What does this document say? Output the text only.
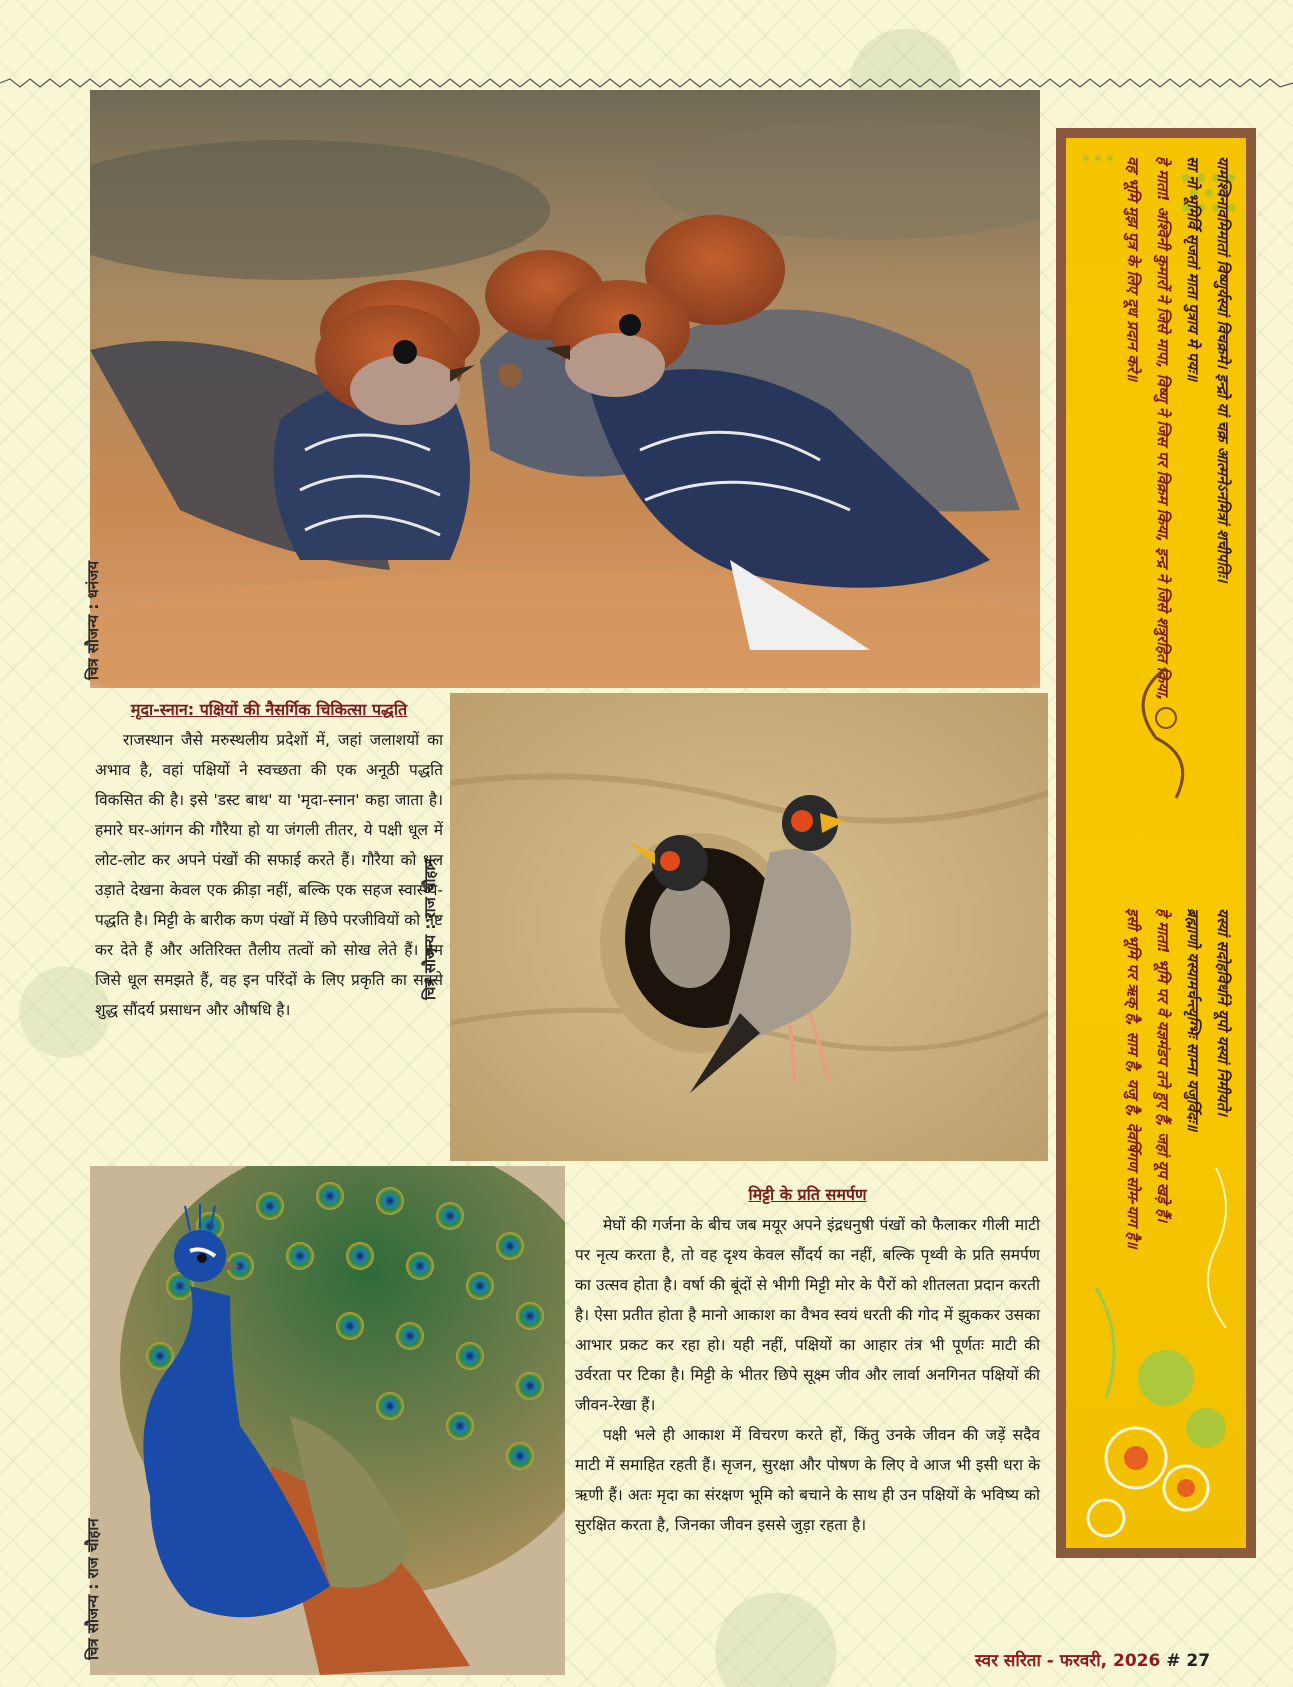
चित्र सौजन्य : धनंजय
चित्र सौजन्य : राज चौहान
चित्र सौजन्य : राज चौहान
मृदा-स्नान: पक्षियों की नैसर्गिक चिकित्सा पद्धति

राजस्थान जैसे मरुस्थलीय प्रदेशों में, जहां जलाशयों का अभाव है, वहां पक्षियों ने स्वच्छता की एक अनूठी पद्धति विकसित की है। इसे 'डस्ट बाथ' या 'मृदा-स्नान' कहा जाता है। हमारे घर-आंगन की गौरैया हो या जंगली तीतर, ये पक्षी धूल में लोट-लोट कर अपने पंखों की सफाई करते हैं। गौरैया को धूल उड़ाते देखना केवल एक क्रीड़ा नहीं, बल्कि एक सहज स्वास्थ्य-पद्धति है। मिट्टी के बारीक कण पंखों में छिपे परजीवियों को नष्ट कर देते हैं और अतिरिक्त तैलीय तत्वों को सोख लेते हैं। हम जिसे धूल समझते हैं, वह इन परिंदों के लिए प्रकृति का सबसे शुद्ध सौंदर्य प्रसाधन और औषधि है।

मिट्टी के प्रति समर्पण

मेघों की गर्जना के बीच जब मयूर अपने इंद्रधनुषी पंखों को फैलाकर गीली माटी पर नृत्य करता है, तो वह दृश्य केवल सौंदर्य का नहीं, बल्कि पृथ्वी के प्रति समर्पण का उत्सव होता है। वर्षा की बूंदों से भीगी मिट्टी मोर के पैरों को शीतलता प्रदान करती है। ऐसा प्रतीत होता है मानो आकाश का वैभव स्वयं धरती की गोद में झुककर उसका आभार प्रकट कर रहा हो। यही नहीं, पक्षियों का आहार तंत्र भी पूर्णतः माटी की उर्वरता पर टिका है। मिट्टी के भीतर छिपे सूक्ष्म जीव और लार्वा अनगिनत पक्षियों की जीवन-रेखा हैं।

पक्षी भले ही आकाश में विचरण करते हों, किंतु उनके जीवन की जड़ें सदैव माटी में समाहित रहती हैं। सृजन, सुरक्षा और पोषण के लिए वे आज भी इसी धरा के ऋणी हैं। अतः मृदा का संरक्षण भूमि को बचाने के साथ ही उन पक्षियों के भविष्य को सुरक्षित करता है, जिनका जीवन इससे जुड़ा रहता है।

यामश्विनावमिमातां विष्णुर्यस्यां विचक्रमे। इन्द्रो यां चक्र आत्मनेऽनमित्रां शचीपतिः।
सा नो भूमिर्वि सृजतां माता पुत्राय मे पयः॥
हे माता! अश्विनी कुमारों ने जिसे मापा, विष्णु ने जिस पर विक्रम किया, इन्द्र ने जिसे शत्रुरहित किया,
वह भूमि मुझ पुत्र के लिए दूध प्रदान करे॥
यस्यां सदोहविर्धाने यूपो यस्यां निमीयते।
ब्रह्माणो यस्यामर्चन्त्यृग्भिः साम्ना यजुर्विदः॥
हे माता! भूमि पर वे यज्ञमंडप तने हुए हैं, जहां यूप खड़े हैं।
इसी भूमि पर ऋक् है, साम है, यजु है, देवर्षिगण सोम-याग है॥
स्वर सरिता - फरवरी, 2026 # 27
